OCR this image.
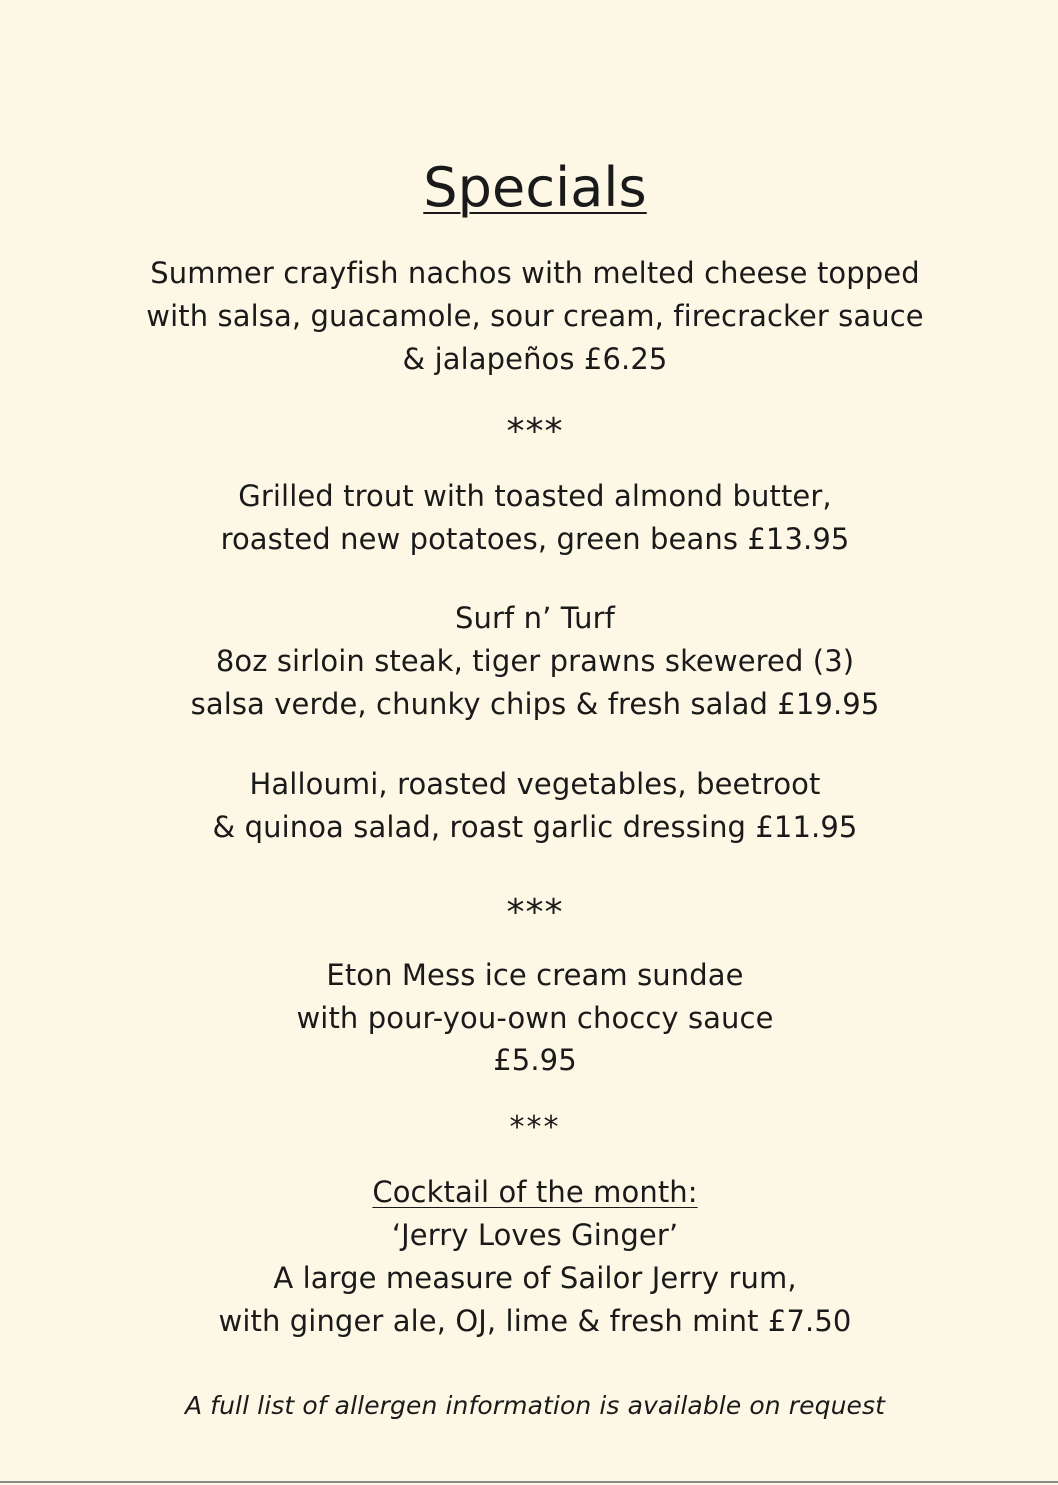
Specials
Summer crayfish nachos with melted cheese topped
with salsa, guacamole, sour cream, firecracker sauce
& jalapeños £6.25
***
Grilled trout with toasted almond butter,
roasted new potatoes, green beans £13.95
Surf n’ Turf
8oz sirloin steak, tiger prawns skewered (3)
salsa verde, chunky chips & fresh salad £19.95
Halloumi, roasted vegetables, beetroot
& quinoa salad, roast garlic dressing £11.95
***
Eton Mess ice cream sundae
with pour-you-own choccy sauce
£5.95
***
Cocktail of the month:
‘Jerry Loves Ginger’
A large measure of Sailor Jerry rum,
with ginger ale, OJ, lime & fresh mint £7.50
A full list of allergen information is available on request
